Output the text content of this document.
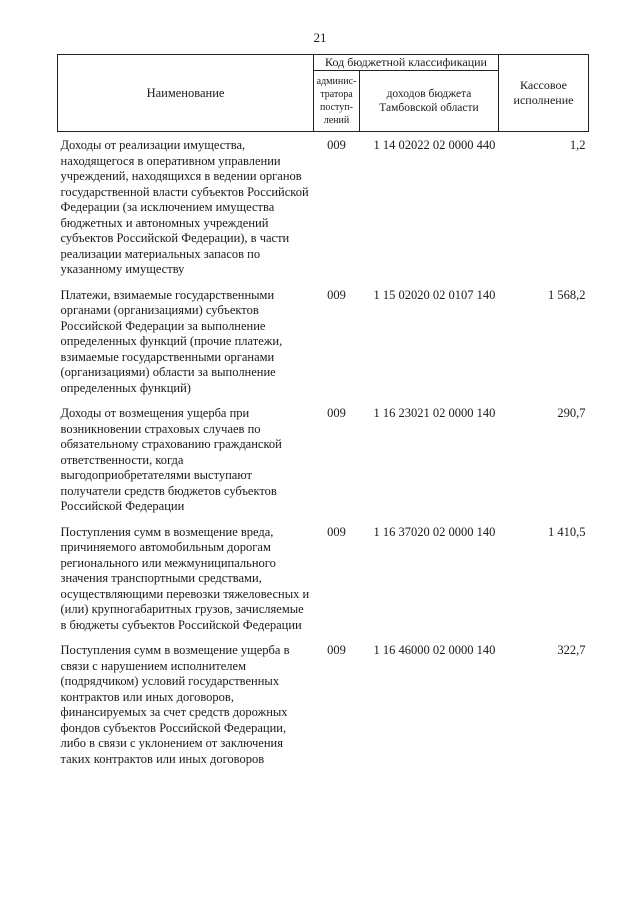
21
Наименование	Код бюджетной классификации		Кассовое исполнение
	админис-тратора поступ-лений	доходов бюджета Тамбовской области	
Доходы от реализации имущества, находящегося в оперативном управлении учреждений, находящихся в ведении органов государственной власти субъектов Российской Федерации (за исключением имущества бюджетных и автономных учреждений субъектов Российской Федерации), в части реализации материальных запасов по указанному имуществу	009	1 14 02022 02 0000 440	1,2
Платежи, взимаемые государственными органами (организациями) субъектов Российской Федерации за выполнение определенных функций (прочие платежи, взимаемые государственными органами (организациями) области за выполнение определенных функций)	009	1 15 02020 02 0107 140	1 568,2
Доходы от возмещения ущерба при возникновении страховых случаев по обязательному страхованию гражданской ответственности, когда выгодоприобретателями выступают получатели средств бюджетов субъектов Российской Федерации	009	1 16 23021 02 0000 140	290,7
Поступления сумм в возмещение вреда, причиняемого автомобильным дорогам регионального или межмуниципального значения транспортными средствами, осуществляющими перевозки тяжеловесных и (или) крупногабаритных грузов, зачисляемые в бюджеты субъектов Российской Федерации	009	1 16 37020 02 0000 140	1 410,5
Поступления сумм в возмещение ущерба в связи с нарушением исполнителем (подрядчиком) условий государственных контрактов или иных договоров, финансируемых за счет средств дорожных фондов субъектов Российской Федерации, либо в связи с уклонением от заключения таких контрактов или иных договоров	009	1 16 46000 02 0000 140	322,7
